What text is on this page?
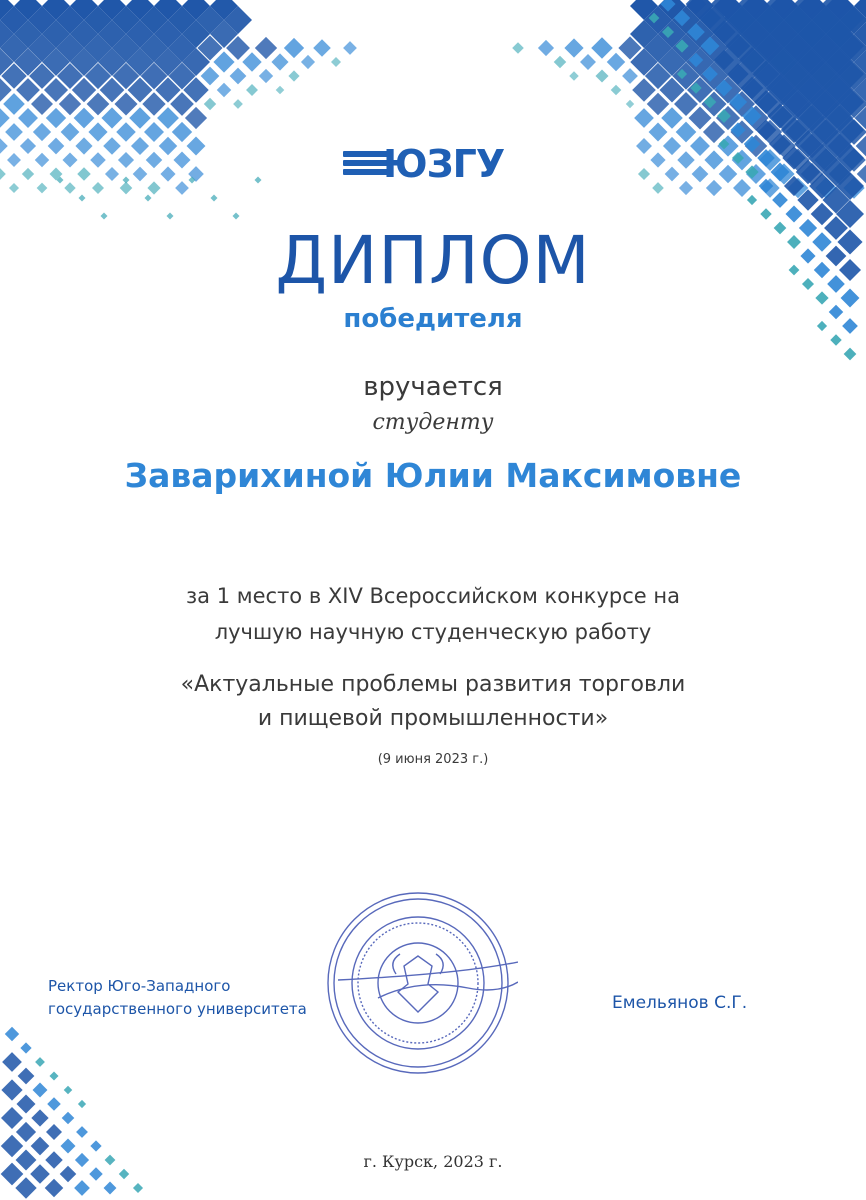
ЮЗГУ
ДИПЛОМ
победителя
вручается
студенту
Заварихиной Юлии Максимовне
за 1 место в XIV Всероссийском конкурсе на
лучшую научную студенческую работу
«Актуальные проблемы развития торговли
и пищевой промышленности»
(9 июня 2023 г.)
Ректор Юго-Западного
государственного университета	Емельянов С.Г.
г. Курск, 2023 г.
